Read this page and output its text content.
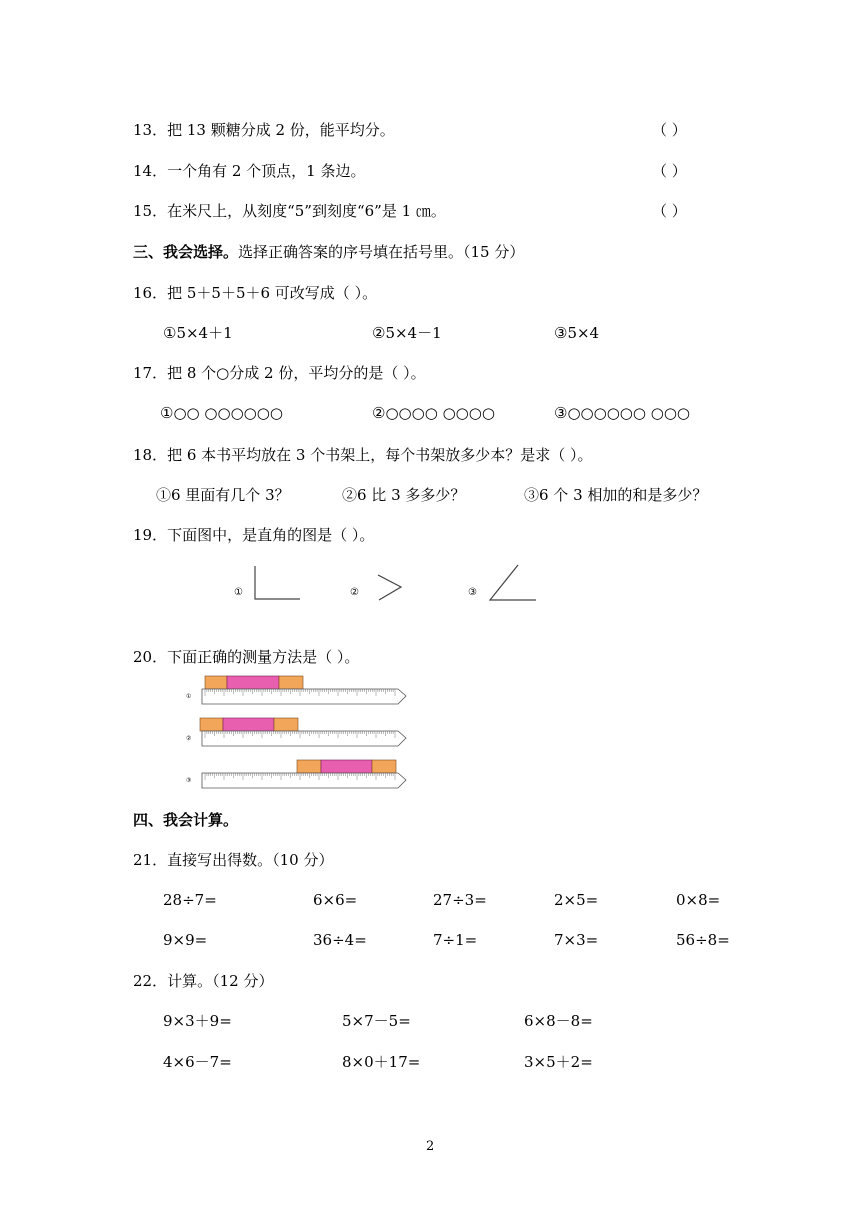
13．把 13 颗糖分成 2 份，能平均分。	（ ）
14．一个角有 2 个顶点，1 条边。	（ ）
15．在米尺上，从刻度“5”到刻度“6”是 1 ㎝。	（ ）
三、我会选择。选择正确答案的序号填在括号里。（15 分）
16．把 5＋5＋5＋6 可改写成（ ）。
①5×4＋1	②5×4－1	③5×4
17．把 8 个○分成 2 份，平均分的是（ ）。
①○○ ○○○○○○	②○○○○ ○○○○	③○○○○○○ ○○○
18．把 6 本书平均放在 3 个书架上，每个书架放多少本？是求（ ）。
①6 里面有几个 3？	②6 比 3 多多少？	③6 个 3 相加的和是多少？
19．下面图中，是直角的图是（ ）。
①	②	③
20．下面正确的测量方法是（ ）。
①
②
③
四、我会计算。
21．直接写出得数。（10 分）
28÷7=	6×6=	27÷3=	2×5=	0×8=
9×9=	36÷4=	7÷1=	7×3=	56÷8=
22．计算。（12 分）
9×3＋9=	5×7－5=	6×8－8=
4×6－7=	8×0＋17=	3×5＋2=
2
